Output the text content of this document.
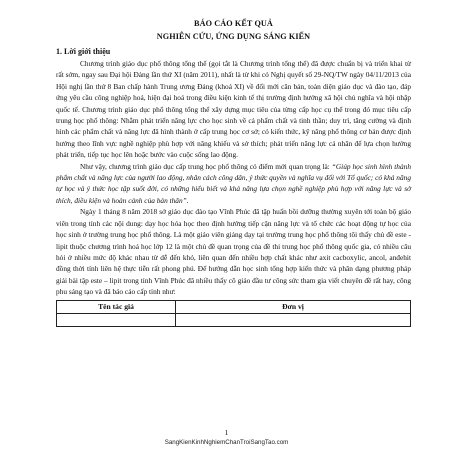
BÁO CÁO KẾT QUẢ
NGHIÊN CỨU, ỨNG DỤNG SÁNG KIẾN
1. Lời giới thiệu

Chương trình giáo dục phổ thông tổng thể (gọi tắt là Chương trình tổng thể) đã được chuẩn bị và triển khai từ rất sớm, ngay sau Đại hội Đảng lần thứ XI (năm 2011), nhất là từ khi có Nghị quyết số 29-NQ/TW ngày 04/11/2013 của Hội nghị lần thứ 8 Ban chấp hành Trung ương Đảng (khoá XI) về đổi mới căn bản, toàn diện giáo dục và đào tạo, đáp ứng yêu cầu công nghiệp hoá, hiện đại hoá trong điều kiện kinh tế thị trường định hướng xã hội chủ nghĩa và hội nhập quốc tế. Chương trình giáo dục phổ thông tổng thể xây dựng mục tiêu của từng cấp học cụ thể trong đó mục tiêu cấp trung học phổ thông: Nhằm phát triển năng lực cho học sinh về cả phẩm chất và tinh thần; duy trì, tăng cường và định hình các phẩm chất và năng lực đã hình thành ở cấp trung học cơ sở; có kiến thức, kỹ năng phổ thông cơ bản được định hướng theo lĩnh vực nghề nghiệp phù hợp với năng khiếu và sở thích; phát triển năng lực cá nhân để lựa chọn hướng phát triển, tiếp tục học lên hoặc bước vào cuộc sống lao động.

Như vậy, chương trình giáo dục cấp trung học phổ thông có điểm mới quan trọng là: “Giúp học sinh hình thành phẩm chất và năng lực của người lao động, nhân cách công dân, ý thức quyền và nghĩa vụ đối với Tổ quốc; có khả năng tự học và ý thức học tập suốt đời, có những hiểu biết và khả năng lựa chọn nghề nghiệp phù hợp với năng lực và sở thích, điều kiện và hoàn cảnh của bản thân”.

Ngày 1 tháng 8 năm 2018 sở giáo dục đào tạo Vĩnh Phúc đã tập huấn bồi dưỡng thường xuyên tới toàn bộ giáo viên trong tỉnh các nội dung: dạy học hóa học theo định hướng tiếp cận năng lực và tổ chức các hoạt động tự học của học sinh ở trường trung học phổ thông. Là một giáo viên giảng dạy tại trường trung học phổ thông tôi thấy chủ đề este - lipit thuộc chương trình hoá học lớp 12 là một chủ đề quan trọng của đề thi trung học phổ thông quốc gia, có nhiều câu hỏi ở nhiều mức độ khác nhau từ dễ đến khó, liên quan đến nhiều hợp chất khác như axit cacboxylic, ancol, anđehit đồng thời tính liên hệ thực tiễn rất phong phú. Để hướng dẫn học sinh tổng hợp kiến thức và phân dạng phương pháp giải bài tập este – lipit trong tỉnh Vĩnh Phúc đã nhiều thấy cô giáo đầu tư công sức tham gia viết chuyên đề rất hay, công phu sáng tạo và đã báo cáo cấp tỉnh như:

Tên tác giả	Đơn vị

1
SangKienKinhNghiemChanTroiSangTao.com
